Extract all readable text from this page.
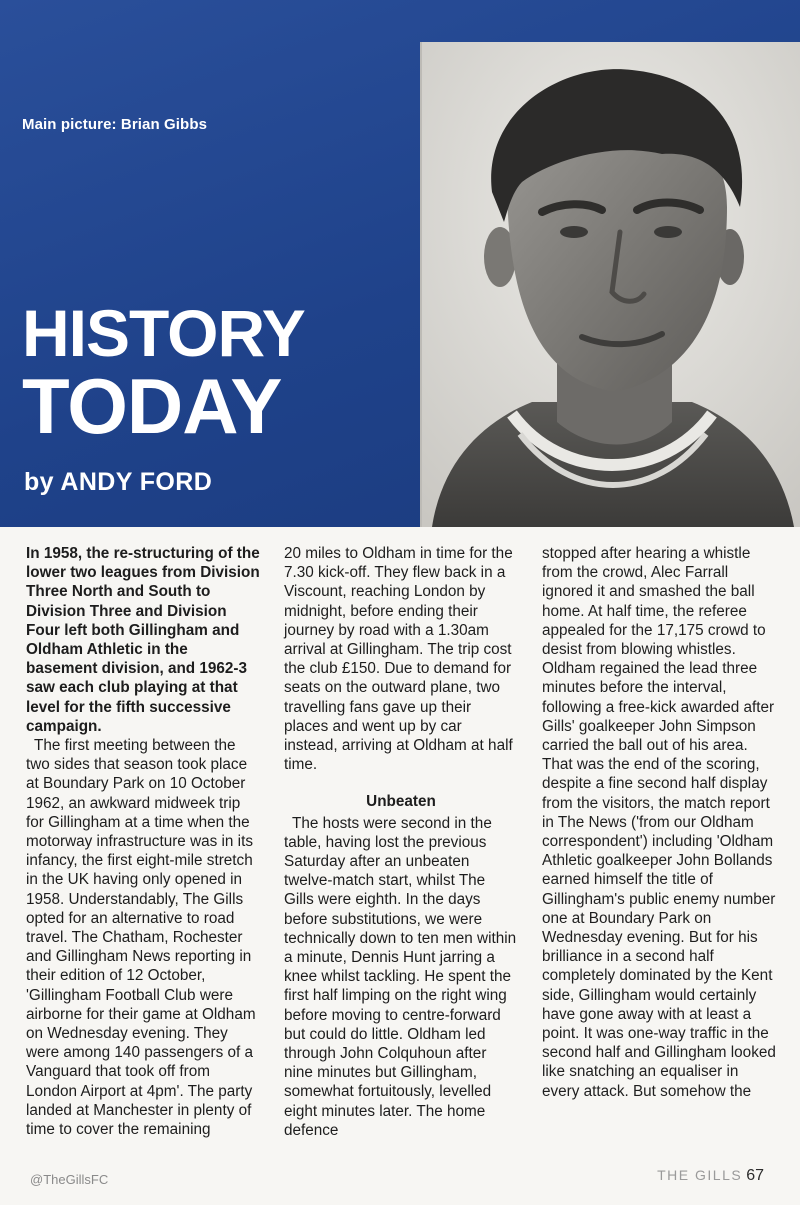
Main picture: Brian Gibbs
HISTORY
TODAY
by ANDY FORD

In 1958, the re-structuring of the lower two leagues from Division Three North and South to Division Three and Division Four left both Gillingham and Oldham Athletic in the basement division, and 1962-3 saw each club playing at that level for the fifth successive campaign.

The first meeting between the two sides that season took place at Boundary Park on 10 October 1962, an awkward midweek trip for Gillingham at a time when the motorway infrastructure was in its infancy, the first eight-mile stretch in the UK having only opened in 1958. Understandably, The Gills opted for an alternative to road travel. The Chatham, Rochester and Gillingham News reporting in their edition of 12 October, 'Gillingham Football Club were airborne for their game at Oldham on Wednesday evening. They were among 140 passengers of a Vanguard that took off from London Airport at 4pm'. The party landed at Manchester in plenty of time to cover the remaining

20 miles to Oldham in time for the 7.30 kick-off. They flew back in a Viscount, reaching London by midnight, before ending their journey by road with a 1.30am arrival at Gillingham. The trip cost the club £150. Due to demand for seats on the outward plane, two travelling fans gave up their places and went up by car instead, arriving at Oldham at half time.

Unbeaten

The hosts were second in the table, having lost the previous Saturday after an unbeaten twelve-match start, whilst The Gills were eighth. In the days before substitutions, we were technically down to ten men within a minute, Dennis Hunt jarring a knee whilst tackling. He spent the first half limping on the right wing before moving to centre-forward but could do little. Oldham led through John Colquhoun after nine minutes but Gillingham, somewhat fortuitously, levelled eight minutes later. The home defence

stopped after hearing a whistle from the crowd, Alec Farrall ignored it and smashed the ball home. At half time, the referee appealed for the 17,175 crowd to desist from blowing whistles. Oldham regained the lead three minutes before the interval, following a free-kick awarded after Gills' goalkeeper John Simpson carried the ball out of his area. That was the end of the scoring, despite a fine second half display from the visitors, the match report in The News ('from our Oldham correspondent') including 'Oldham Athletic goalkeeper John Bollands earned himself the title of Gillingham's public enemy number one at Boundary Park on Wednesday evening. But for his brilliance in a second half completely dominated by the Kent side, Gillingham would certainly have gone away with at least a point. It was one-way traffic in the second half and Gillingham looked like snatching an equaliser in every attack. But somehow the

@TheGillsFC	THE GILLS 67
